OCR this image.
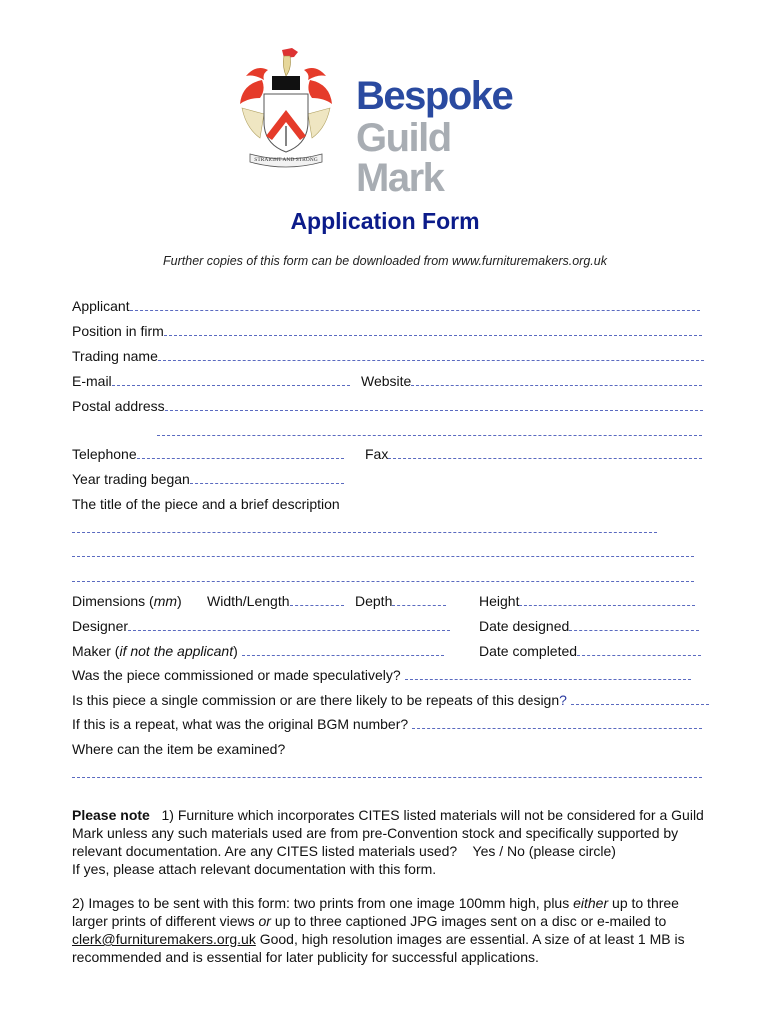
STRAIGHT AND STRONG
Bespoke
Guild Mark
Application Form
Further copies of this form can be downloaded from www.furnituremakers.org.uk
Applicant
Position in firm
Trading name
E-mail	Website
Postal address
Telephone	Fax
Year trading began
The title of the piece and a brief description
Dimensions (mm) Width/Length	Depth	Height
Designer	Date designed
Maker (if not the applicant)	Date completed
Was the piece commissioned or made speculatively?
Is this piece a single commission or are there likely to be repeats of this design?
If this is a repeat, what was the original BGM number?
Where can the item be examined?
Please note 1) Furniture which incorporates CITES listed materials will not be considered for a Guild Mark unless any such materials used are from pre-Convention stock and specifically supported by relevant documentation. Are any CITES listed materials used? Yes / No (please circle)
If yes, please attach relevant documentation with this form.
2) Images to be sent with this form: two prints from one image 100mm high, plus either up to three larger prints of different views or up to three captioned JPG images sent on a disc or e-mailed to
clerk@furnituremakers.org.uk Good, high resolution images are essential. A size of at least 1 MB is recommended and is essential for later publicity for successful applications.
